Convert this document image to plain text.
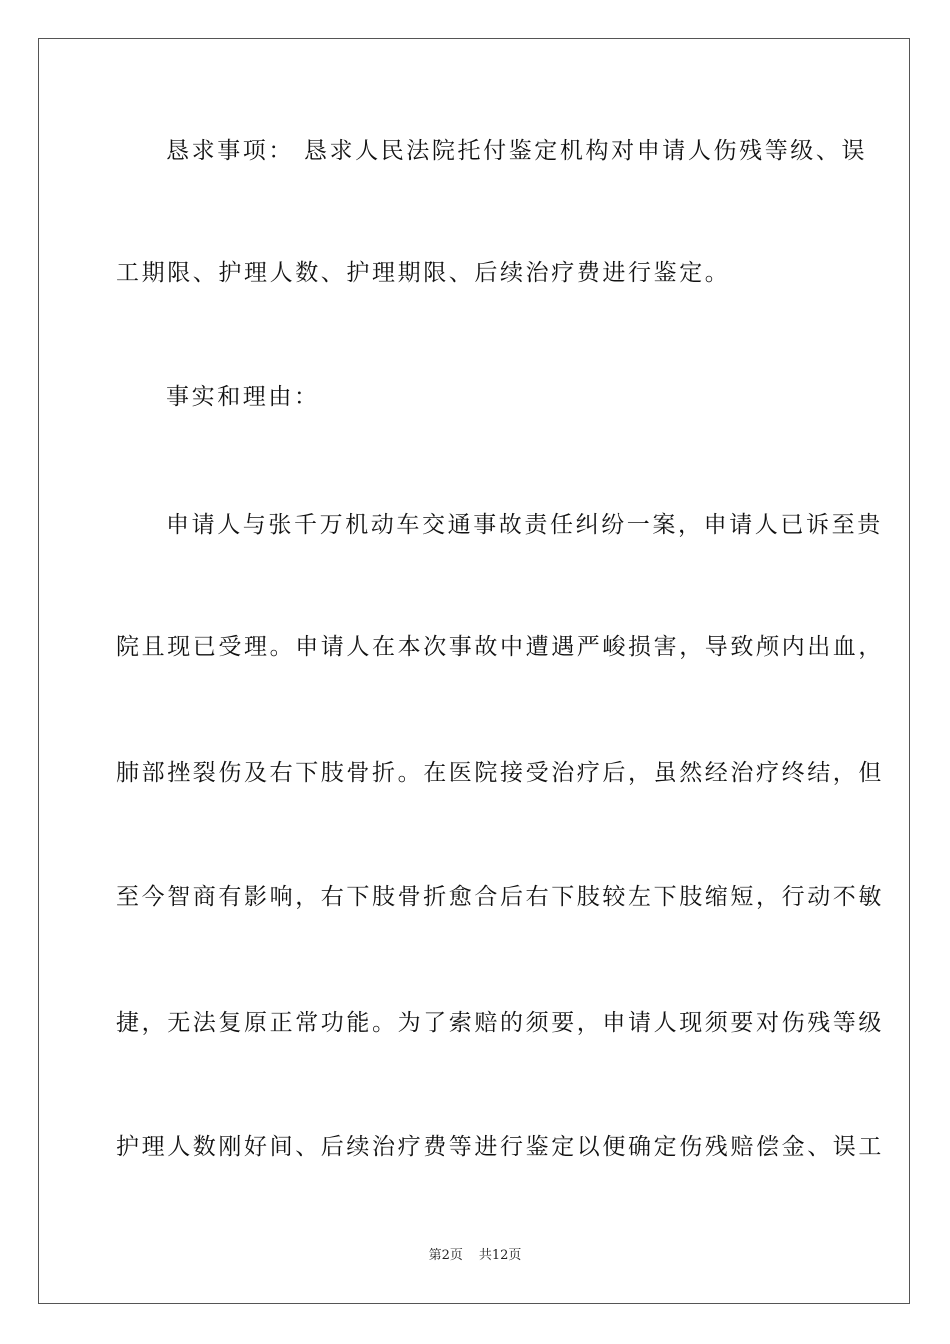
恳求事项： 恳求人民法院托付鉴定机构对申请人伤残等级、误
工期限、护理人数、护理期限、后续治疗费进行鉴定。
事实和理由：
申请人与张千万机动车交通事故责任纠纷一案，申请人已诉至贵
院且现已受理。申请人在本次事故中遭遇严峻损害，导致颅内出血，
肺部挫裂伤及右下肢骨折。在医院接受治疗后，虽然经治疗终结，但
至今智商有影响，右下肢骨折愈合后右下肢较左下肢缩短，行动不敏
捷，无法复原正常功能。为了索赔的须要，申请人现须要对伤残等级
护理人数刚好间、后续治疗费等进行鉴定以便确定伤残赔偿金、误工
第2页 共12页
